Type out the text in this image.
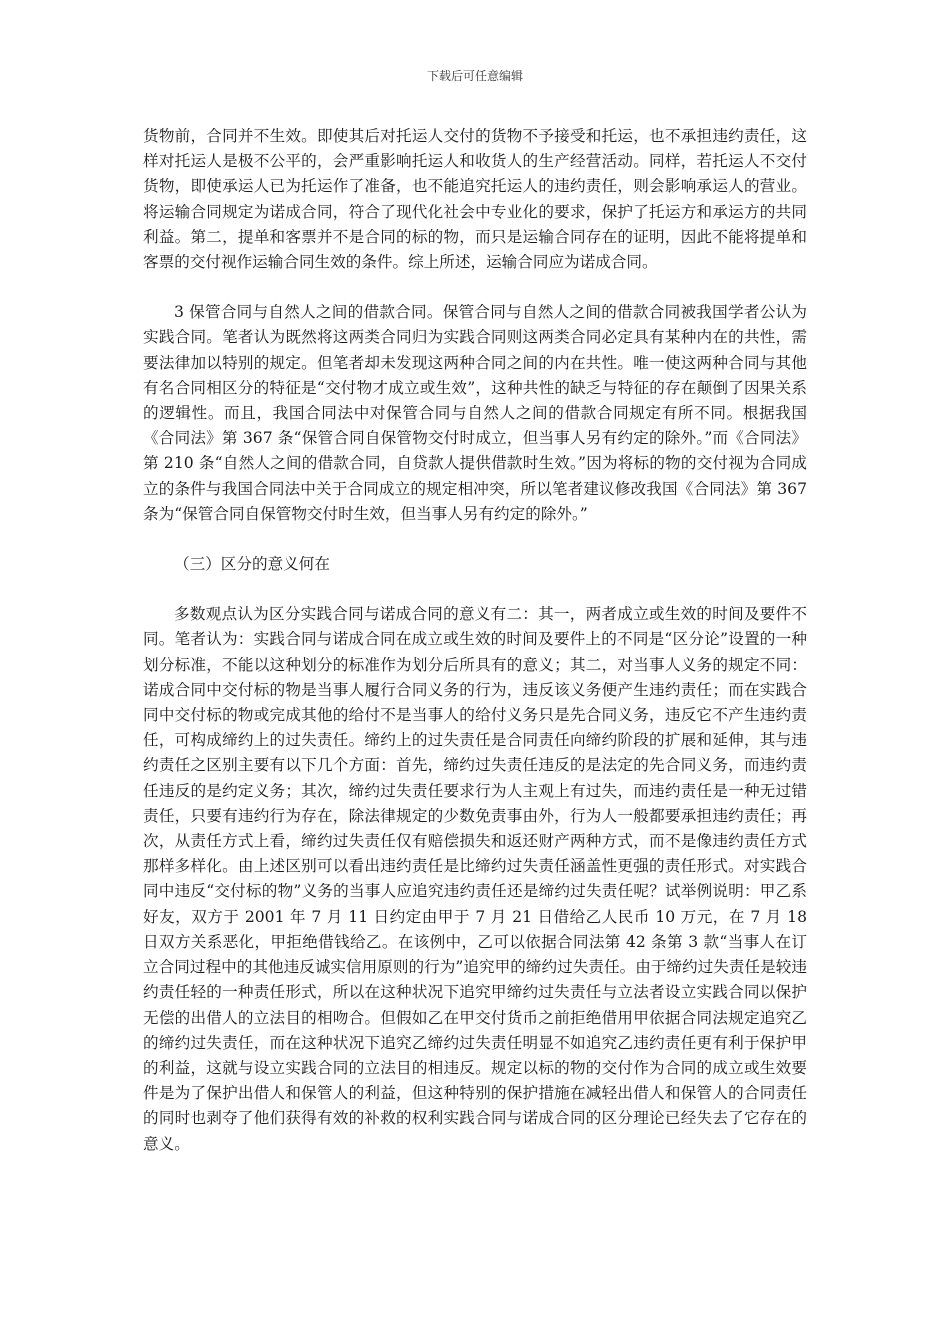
下载后可任意编辑

货物前，合同并不生效。即使其后对托运人交付的货物不予接受和托运，也不承担违约责任，这样对托运人是极不公平的，会严重影响托运人和收货人的生产经营活动。同样，若托运人不交付货物，即使承运人已为托运作了准备，也不能追究托运人的违约责任，则会影响承运人的营业。将运输合同规定为诺成合同，符合了现代化社会中专业化的要求，保护了托运方和承运方的共同利益。第二，提单和客票并不是合同的标的物，而只是运输合同存在的证明，因此不能将提单和客票的交付视作运输合同生效的条件。综上所述，运输合同应为诺成合同。

3 保管合同与自然人之间的借款合同。保管合同与自然人之间的借款合同被我国学者公认为实践合同。笔者认为既然将这两类合同归为实践合同则这两类合同必定具有某种内在的共性，需要法律加以特别的规定。但笔者却未发现这两种合同之间的内在共性。唯一使这两种合同与其他有名合同相区分的特征是“交付物才成立或生效”，这种共性的缺乏与特征的存在颠倒了因果关系的逻辑性。而且，我国合同法中对保管合同与自然人之间的借款合同规定有所不同。根据我国《合同法》第 367 条“保管合同自保管物交付时成立，但当事人另有约定的除外。”而《合同法》第 210 条“自然人之间的借款合同，自贷款人提供借款时生效。”因为将标的物的交付视为合同成立的条件与我国合同法中关于合同成立的规定相冲突，所以笔者建议修改我国《合同法》第 367 条为“保管合同自保管物交付时生效，但当事人另有约定的除外。”

（三）区分的意义何在

多数观点认为区分实践合同与诺成合同的意义有二：其一，两者成立或生效的时间及要件不同。笔者认为：实践合同与诺成合同在成立或生效的时间及要件上的不同是“区分论”设置的一种划分标准，不能以这种划分的标准作为划分后所具有的意义；其二，对当事人义务的规定不同：诺成合同中交付标的物是当事人履行合同义务的行为，违反该义务便产生违约责任；而在实践合同中交付标的物或完成其他的给付不是当事人的给付义务只是先合同义务，违反它不产生违约责任，可构成缔约上的过失责任。缔约上的过失责任是合同责任向缔约阶段的扩展和延伸，其与违约责任之区别主要有以下几个方面：首先，缔约过失责任违反的是法定的先合同义务，而违约责任违反的是约定义务；其次，缔约过失责任要求行为人主观上有过失，而违约责任是一种无过错责任，只要有违约行为存在，除法律规定的少数免责事由外，行为人一般都要承担违约责任；再次，从责任方式上看，缔约过失责任仅有赔偿损失和返还财产两种方式，而不是像违约责任方式那样多样化。由上述区别可以看出违约责任是比缔约过失责任涵盖性更强的责任形式。对实践合同中违反“交付标的物”义务的当事人应追究违约责任还是缔约过失责任呢？试举例说明：甲乙系好友，双方于 2001 年 7 月 11 日约定由甲于 7 月 21 日借给乙人民币 10 万元，在 7 月 18 日双方关系恶化，甲拒绝借钱给乙。在该例中，乙可以依据合同法第 42 条第 3 款“当事人在订立合同过程中的其他违反诚实信用原则的行为”追究甲的缔约过失责任。由于缔约过失责任是较违约责任轻的一种责任形式，所以在这种状况下追究甲缔约过失责任与立法者设立实践合同以保护无偿的出借人的立法目的相吻合。但假如乙在甲交付货币之前拒绝借用甲依据合同法规定追究乙的缔约过失责任，而在这种状况下追究乙缔约过失责任明显不如追究乙违约责任更有利于保护甲的利益，这就与设立实践合同的立法目的相违反。规定以标的物的交付作为合同的成立或生效要件是为了保护出借人和保管人的利益，但这种特别的保护措施在减轻出借人和保管人的合同责任的同时也剥夺了他们获得有效的补救的权利实践合同与诺成合同的区分理论已经失去了它存在的意义。
